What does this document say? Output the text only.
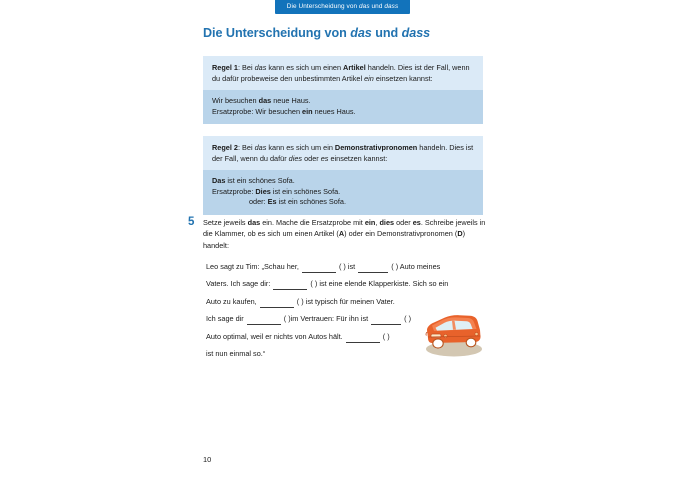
Die Unterscheidung von das und dass
Die Unterscheidung von das und dass
Regel 1: Bei das kann es sich um einen Artikel handeln. Dies ist der Fall, wenn du dafür probeweise den unbestimmten Artikel ein einsetzen kannst:
Wir besuchen das neue Haus.
Ersatzprobe: Wir besuchen ein neues Haus.
Regel 2: Bei das kann es sich um ein Demonstrativpronomen handeln. Dies ist der Fall, wenn du dafür dies oder es einsetzen kannst:
Das ist ein schönes Sofa.
Ersatzprobe: Dies ist ein schönes Sofa.
oder: Es ist ein schönes Sofa.
5 Setze jeweils das ein. Mache die Ersatzprobe mit ein, dies oder es. Schreibe jeweils in die Klammer, ob es sich um einen Artikel (A) oder ein Demonstrativpronomen (D) handelt:
Leo sagt zu Tim: „Schau her,	( ) ist	( ) Auto meines
Vaters. Ich sage dir:	( ) ist eine elende Klapperkiste. Sich so ein
Auto zu kaufen,	( ) ist typisch für meinen Vater.
Ich sage dir	( )im Vertrauen: Für ihn ist	( )
Auto optimal, weil er nichts von Autos hält.	( )
ist nun einmal so.“
10
